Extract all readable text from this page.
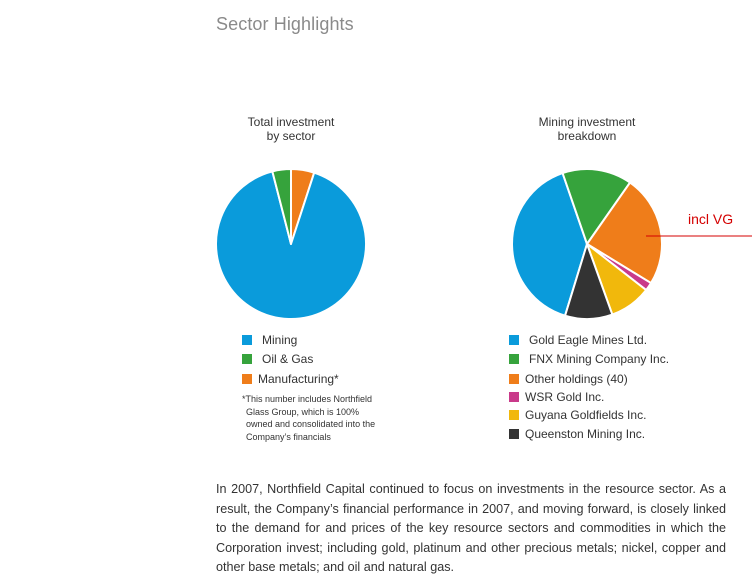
Sector Highlights
Total investment
by sector
Mining
Oil & Gas
Manufacturing*
*This number includes Northfield
Glass Group, which is 100%
owned and consolidated into the
Company’s financials
Mining investment
breakdown
Gold Eagle Mines Ltd.
FNX Mining Company Inc.
Other holdings (40)
WSR Gold Inc.
Guyana Goldfields Inc.
Queenston Mining Inc.
incl VG
In 2007, Northfield Capital continued to focus on investments in the resource sector. As a result, the Company’s financial performance in 2007, and moving forward, is closely linked to the demand for and prices of the key resource sectors and commodities in which the Corporation invest; including gold, platinum and other precious metals; nickel, copper and other base metals; and oil and natural gas.
